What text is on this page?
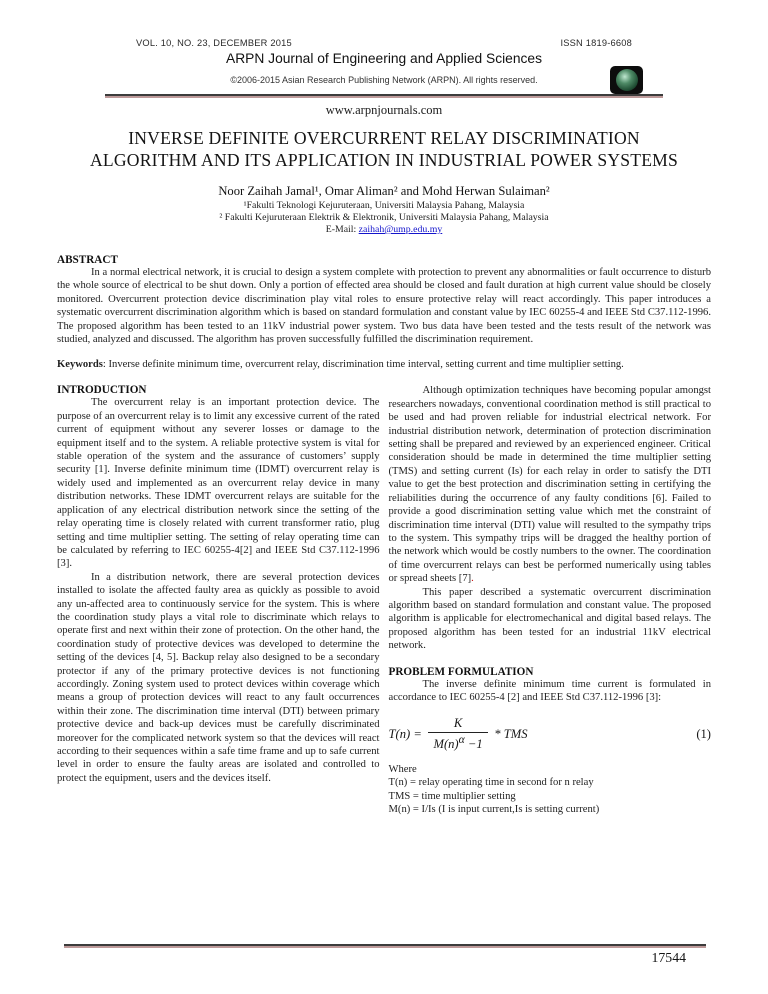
VOL. 10, NO. 23, DECEMBER 2015	ISSN 1819-6608
ARPN Journal of Engineering and Applied Sciences
©2006-2015 Asian Research Publishing Network (ARPN). All rights reserved.
www.arpnjournals.com
INVERSE DEFINITE OVERCURRENT RELAY DISCRIMINATION
ALGORITHM AND ITS APPLICATION IN INDUSTRIAL POWER SYSTEMS
Noor Zaihah Jamal¹, Omar Aliman² and Mohd Herwan Sulaiman²
¹Fakulti Teknologi Kejuruteraan, Universiti Malaysia Pahang, Malaysia
² Fakulti Kejuruteraan Elektrik & Elektronik, Universiti Malaysia Pahang, Malaysia
E-Mail: zaihah@ump.edu.my
ABSTRACT

In a normal electrical network, it is crucial to design a system complete with protection to prevent any abnormalities or fault occurrence to disturb the whole source of electrical to be shut down. Only a portion of effected area should be closed and fault duration at high current value should be closely monitored. Overcurrent protection device discrimination play vital roles to ensure protective relay will react accordingly. This paper introduces a systematic overcurrent discrimination algorithm which is based on standard formulation and constant value by IEC 60255-4 and IEEE Std C37.112-1996. The proposed algorithm has been tested to an 11kV industrial power system. Two bus data have been tested and the tests result of the network was studied, analyzed and discussed. The algorithm has proven successfully fulfilled the discrimination requirement.

Keywords: Inverse definite minimum time, overcurrent relay, discrimination time interval, setting current and time multiplier setting.
INTRODUCTION

The overcurrent relay is an important protection device. The purpose of an overcurrent relay is to limit any excessive current of the rated current of equipment without any severer losses or damage to the equipment itself and to the system. A reliable protective system is vital for stable operation of the system and the assurance of customers’ supply security [1]. Inverse definite minimum time (IDMT) overcurrent relay is widely used and implemented as an overcurrent relay device in many distribution networks. These IDMT overcurrent relays are suitable for the application of any electrical distribution network since the setting of the relay operating time is closely related with current transformer ratio, plug setting and time multiplier setting. The setting of relay operating time can be calculated by referring to IEC 60255-4[2] and IEEE Std C37.112-1996 [3].

In a distribution network, there are several protection devices installed to isolate the affected faulty area as quickly as possible to avoid any un-affected area to continuously service for the system. This is where the coordination study plays a vital role to discriminate which relays to operate first and next within their zone of protection. On the other hand, the coordination study of protective devices was developed to determine the setting of the devices [4, 5]. Backup relay also designed to be a secondary protector if any of the primary protective devices is not functioning accordingly. Zoning system used to protect devices within coverage which means a group of protection devices will react to any fault occurrences within their zone. The discrimination time interval (DTI) between primary protective device and back-up devices must be carefully discriminated moreover for the complicated network system so that the devices will react according to their sequences within a safe time frame and up to safe current level in order to ensure the faulty areas are isolated and controlled to protect the equipment, users and the devices itself.

Although optimization techniques have becoming popular amongst researchers nowadays, conventional coordination method is still practical to be used and had proven reliable for industrial electrical network. For industrial distribution network, determination of protection discrimination setting shall be prepared and reviewed by an experienced engineer. Critical consideration should be made in determined the time multiplier setting (TMS) and setting current (Is) for each relay in order to satisfy the DTI value to get the best protection and discrimination setting in certifying the reliabilities during the occurrence of any faulty conditions [6]. Failed to provide a good discrimination setting value which met the constraint of discrimination time interval (DTI) value will resulted to the sympathy trips to the system. This sympathy trips will be dragged the healthy portion of the network which would be costly numbers to the owner. The coordination of time overcurrent relays can best be performed numerically using tables or spread sheets [7].

This paper described a systematic overcurrent discrimination algorithm based on standard formulation and constant value. The proposed algorithm is applicable for electromechanical and digital based relays. The proposed algorithm has been tested for an industrial 11kV electrical network.

PROBLEM FORMULATION

The inverse definite minimum time current is formulated in accordance to IEC 60255-4 [2] and IEEE Std C37.112-1996 [3]:

$T(n) = \frac{K}{M(n)^\alpha -1}$ * TMS	(1)
Where
T(n) = relay operating time in second for n relay
TMS = time multiplier setting
M(n) = I/Is (I is input current,Is is setting current)
17544
